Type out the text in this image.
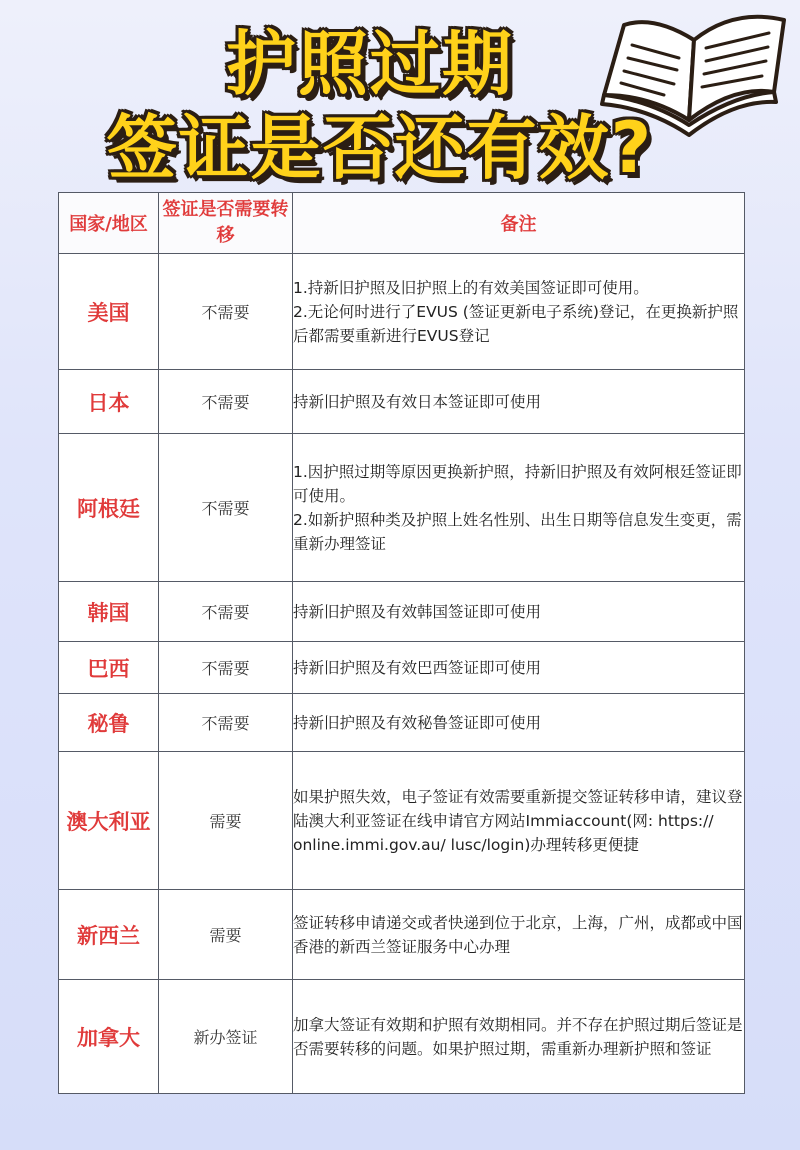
护照过期
签证是否还有效?
国家/地区	签证是否需要转移	备注
美国	不需要	1.持新旧护照及旧护照上的有效美国签证即可使用。
2.无论何时进行了EVUS (签证更新电子系统)登记，在更换新护照后都需要重新进行EVUS登记
日本	不需要	持新旧护照及有效日本签证即可使用
阿根廷	不需要	1.因护照过期等原因更换新护照，持新旧护照及有效阿根廷签证即可使用。
2.如新护照种类及护照上姓名性别、出生日期等信息发生变更，需重新办理签证
韩国	不需要	持新旧护照及有效韩国签证即可使用
巴西	不需要	持新旧护照及有效巴西签证即可使用
秘鲁	不需要	持新旧护照及有效秘鲁签证即可使用
澳大利亚	需要	如果护照失效，电子签证有效需要重新提交签证转移申请，建议登陆澳大利亚签证在线申请官方网站Immiaccount(网: https:// online.immi.gov.au/ lusc/login)办理转移更便捷
新西兰	需要	签证转移申请递交或者快递到位于北京，上海，广州，成都或中国香港的新西兰签证服务中心办理
加拿大	新办签证	加拿大签证有效期和护照有效期相同。并不存在护照过期后签证是否需要转移的问题。如果护照过期，需重新办理新护照和签证
